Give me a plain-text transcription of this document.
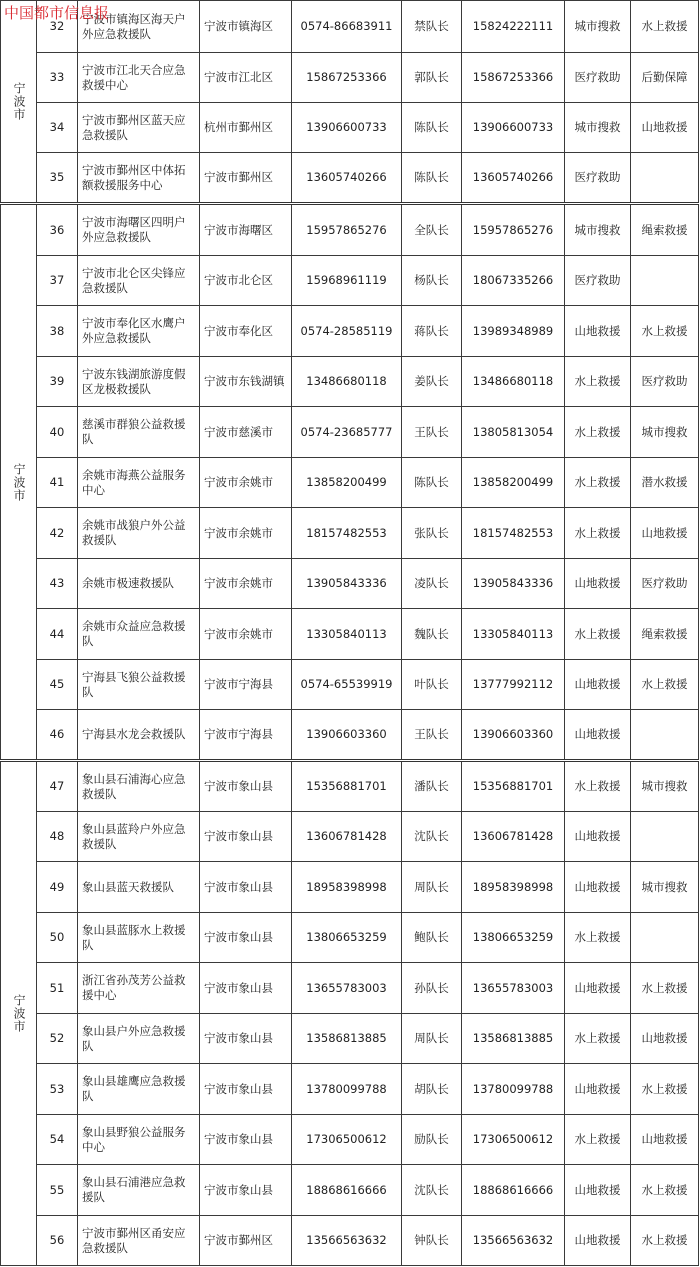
中国都市信息报
宁波市	32	宁波市镇海区海天户外应急救援队	宁波市镇海区	0574-86683911	禁队长	15824222111	城市搜救	水上救援
	33	宁波市江北天合应急救援中心	宁波市江北区	15867253366	郭队长	15867253366	医疗救助	后勤保障
	34	宁波市鄞州区蓝天应急救援队	杭州市鄞州区	13906600733	陈队长	13906600733	城市搜救	山地救援
	35	宁波市鄞州区中体拓额救援服务中心	宁波市鄞州区	13605740266	陈队长	13605740266	医疗救助	
宁波市	36	宁波市海曙区四明户外应急救援队	宁波市海曙区	15957865276	全队长	15957865276	城市搜救	绳索救援
	37	宁波市北仑区尖锋应急救援队	宁波市北仑区	15968961119	杨队长	18067335266	医疗救助	
	38	宁波市奉化区水鹰户外应急救援队	宁波市奉化区	0574-28585119	蒋队长	13989348989	山地救援	水上救援
	39	宁波东钱湖旅游度假区龙极救援队	宁波市东钱湖镇	13486680118	姜队长	13486680118	水上救援	医疗救助
	40	慈溪市群狼公益救援队	宁波市慈溪市	0574-23685777	王队长	13805813054	水上救援	城市搜救
	41	余姚市海燕公益服务中心	宁波市余姚市	13858200499	陈队长	13858200499	水上救援	潜水救援
	42	余姚市战狼户外公益救援队	宁波市余姚市	18157482553	张队长	18157482553	水上救援	山地救援
	43	余姚市极速救援队	宁波市余姚市	13905843336	凌队长	13905843336	山地救援	医疗救助
	44	余姚市众益应急救援队	宁波市余姚市	13305840113	魏队长	13305840113	水上救援	绳索救援
	45	宁海县飞狼公益救援队	宁波市宁海县	0574-65539919	叶队长	13777992112	山地救援	水上救援
	46	宁海县水龙会救援队	宁波市宁海县	13906603360	王队长	13906603360	山地救援	
宁波市	47	象山县石浦海心应急救援队	宁波市象山县	15356881701	潘队长	15356881701	水上救援	城市搜救
	48	象山县蓝羚户外应急救援队	宁波市象山县	13606781428	沈队长	13606781428	山地救援	
	49	象山县蓝天救援队	宁波市象山县	18958398998	周队长	18958398998	山地救援	城市搜救
	50	象山县蓝豚水上救援队	宁波市象山县	13806653259	鲍队长	13806653259	水上救援	
	51	浙江省孙茂芳公益救援中心	宁波市象山县	13655783003	孙队长	13655783003	山地救援	水上救援
	52	象山县户外应急救援队	宁波市象山县	13586813885	周队长	13586813885	水上救援	山地救援
	53	象山县雄鹰应急救援队	宁波市象山县	13780099788	胡队长	13780099788	山地救援	水上救援
	54	象山县野狼公益服务中心	宁波市象山县	17306500612	励队长	17306500612	水上救援	山地救援
	55	象山县石浦港应急救援队	宁波市象山县	18868616666	沈队长	18868616666	山地救援	水上救援
	56	宁波市鄞州区甬安应急救援队	宁波市鄞州区	13566563632	钟队长	13566563632	山地救援	水上救援
